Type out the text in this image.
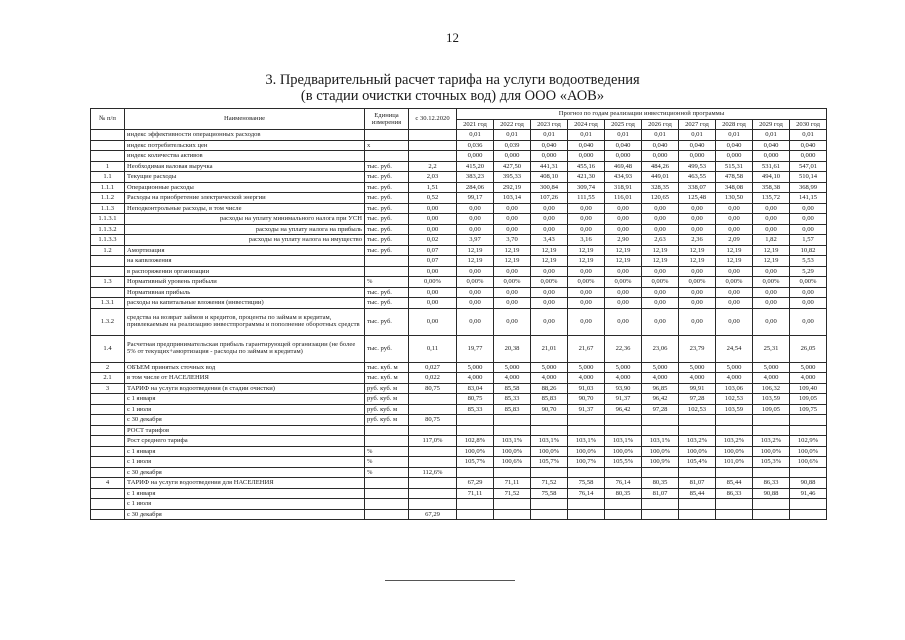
12
3. Предварительный расчет тарифа на услуги водоотведения
(в стадии очистки сточных вод) для ООО «АОВ»
№ п/п	Наименование	Единица измерения	с 30.12.2020	Прогноз по годам реализации инвестиционной программы									
				2021 год	2022 год	2023 год	2024 год	2025 год	2026 год	2027 год	2028 год	2029 год	2030 год
	индекс эффективности операционных расходов			0,01	0,01	0,01	0,01	0,01	0,01	0,01	0,01	0,01	0,01
	индекс потребительских цен	х		0,036	0,039	0,040	0,040	0,040	0,040	0,040	0,040	0,040	0,040
	индекс количества активов			0,000	0,000	0,000	0,000	0,000	0,000	0,000	0,000	0,000	0,000
1	Необходимая валовая выручка	тыс. руб.	2,2	415,20	427,50	441,31	455,16	469,48	484,26	499,53	515,31	531,61	547,01
1.1	Текущие расходы	тыс. руб.	2,03	383,23	395,33	408,10	421,30	434,93	449,01	463,55	478,58	494,10	510,14
1.1.1	Операционные расходы	тыс. руб.	1,51	284,06	292,19	300,84	309,74	318,91	328,35	338,07	348,08	358,38	368,99
1.1.2	Расходы на приобретение электрической энергии	тыс. руб.	0,52	99,17	103,14	107,26	111,55	116,01	120,65	125,48	130,50	135,72	141,15
1.1.3	Неподконтрольные расходы, в том числе	тыс. руб.	0,00	0,00	0,00	0,00	0,00	0,00	0,00	0,00	0,00	0,00	0,00
1.1.3.1	расходы на уплату минимального налога при УСН	тыс. руб.	0,00	0,00	0,00	0,00	0,00	0,00	0,00	0,00	0,00	0,00	0,00
1.1.3.2	расходы на уплату налога на прибыль	тыс. руб.	0,00	0,00	0,00	0,00	0,00	0,00	0,00	0,00	0,00	0,00	0,00
1.1.3.3	расходы на уплату налога на имущество	тыс. руб.	0,02	3,97	3,70	3,43	3,16	2,90	2,63	2,36	2,09	1,82	1,57
1.2	Амортизация	тыс. руб.	0,07	12,19	12,19	12,19	12,19	12,19	12,19	12,19	12,19	12,19	10,82
	на капвложения		0,07	12,19	12,19	12,19	12,19	12,19	12,19	12,19	12,19	12,19	5,53
	в распоряжении организации		0,00	0,00	0,00	0,00	0,00	0,00	0,00	0,00	0,00	0,00	5,29
1.3	Нормативный уровень прибыли	%	0,00%	0,00%	0,00%	0,00%	0,00%	0,00%	0,00%	0,00%	0,00%	0,00%	0,00%
	Нормативная прибыль	тыс. руб.	0,00	0,00	0,00	0,00	0,00	0,00	0,00	0,00	0,00	0,00	0,00
1.3.1	расходы на капитальные вложения (инвестиции)	тыс. руб.	0,00	0,00	0,00	0,00	0,00	0,00	0,00	0,00	0,00	0,00	0,00
1.3.2	средства на возврат займов и кредитов, проценты по займам и кредитам, привлекаемым на реализацию инвестпрограммы и пополнение оборотных средств	тыс. руб.	0,00	0,00	0,00	0,00	0,00	0,00	0,00	0,00	0,00	0,00	0,00
1.4	Расчетная предпринимательская прибыль гарантирующей организации (не более 5% от текущих+амортизация - расходы по займам и кредитам)	тыс. руб.	0,11	19,77	20,38	21,01	21,67	22,36	23,06	23,79	24,54	25,31	26,05
2	ОБЪЕМ принятых сточных вод	тыс. куб. м	0,027	5,000	5,000	5,000	5,000	5,000	5,000	5,000	5,000	5,000	5,000
2.1	в том числе от НАСЕЛЕНИЯ	тыс. куб. м	0,022	4,000	4,000	4,000	4,000	4,000	4,000	4,000	4,000	4,000	4,000
3	ТАРИФ на услуги водоотведения (в стадии очистки)	руб. куб. м	80,75	83,04	85,58	88,26	91,03	93,90	96,85	99,91	103,06	106,32	109,40
	с 1 января	руб. куб. м		80,75	85,33	85,83	90,70	91,37	96,42	97,28	102,53	103,59	109,05
	с 1 июля	руб. куб. м		85,33	85,83	90,70	91,37	96,42	97,28	102,53	103,59	109,05	109,75
	с 30 декабря	руб. куб. м	80,75										
	РОСТ тарифов												
	Рост среднего тарифа		117,0%	102,8%	103,1%	103,1%	103,1%	103,1%	103,1%	103,2%	103,2%	103,2%	102,9%
	с 1 января	%		100,0%	100,0%	100,0%	100,0%	100,0%	100,0%	100,0%	100,0%	100,0%	100,0%
	с 1 июля	%		105,7%	100,6%	105,7%	100,7%	105,5%	100,9%	105,4%	101,0%	105,3%	100,6%
	с 30 декабря	%	112,6%										
4	ТАРИФ на услуги водоотведения для НАСЕЛЕНИЯ			67,29	71,11	71,52	75,58	76,14	80,35	81,07	85,44	86,33	90,88
	с 1 января			71,11	71,52	75,58	76,14	80,35	81,07	85,44	86,33	90,88	91,46
	с 1 июля												
	с 30 декабря		67,29										
